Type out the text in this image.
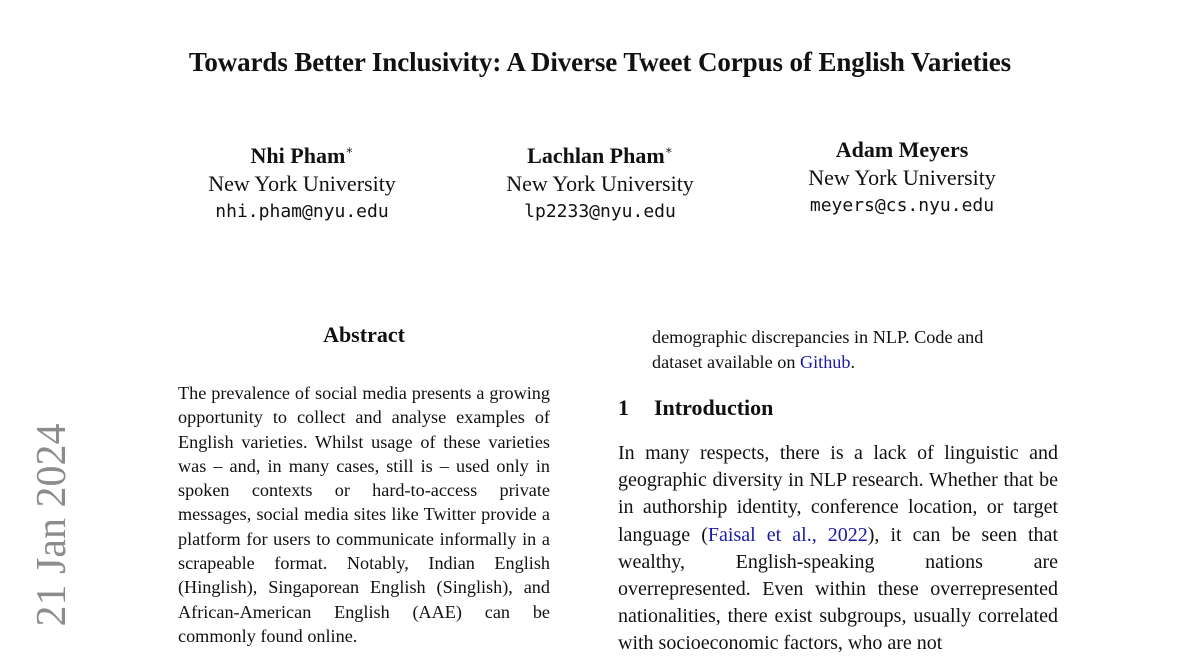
Towards Better Inclusivity: A Diverse Tweet Corpus of English Varieties
Nhi Pham∗
New York University
nhi.pham@nyu.edu
Lachlan Pham∗
New York University
lp2233@nyu.edu
Adam Meyers
New York University
meyers@cs.nyu.edu
21 Jan 2024
Abstract

The prevalence of social media presents a growing opportunity to collect and analyse examples of English varieties. Whilst usage of these varieties was – and, in many cases, still is – used only in spoken contexts or hard-to-access private messages, social media sites like Twitter provide a platform for users to communicate informally in a scrapeable format. Notably, Indian English (Hinglish), Singaporean English (Singlish), and African-American English (AAE) can be commonly found online.

demographic discrepancies in NLP. Code and dataset available on Github.

1 Introduction

In many respects, there is a lack of linguistic and geographic diversity in NLP research. Whether that be in authorship identity, conference location, or target language (Faisal et al., 2022), it can be seen that wealthy, English-speaking nations are overrepresented. Even within these overrepresented nationalities, there exist subgroups, usually correlated with socioeconomic factors, who are not
